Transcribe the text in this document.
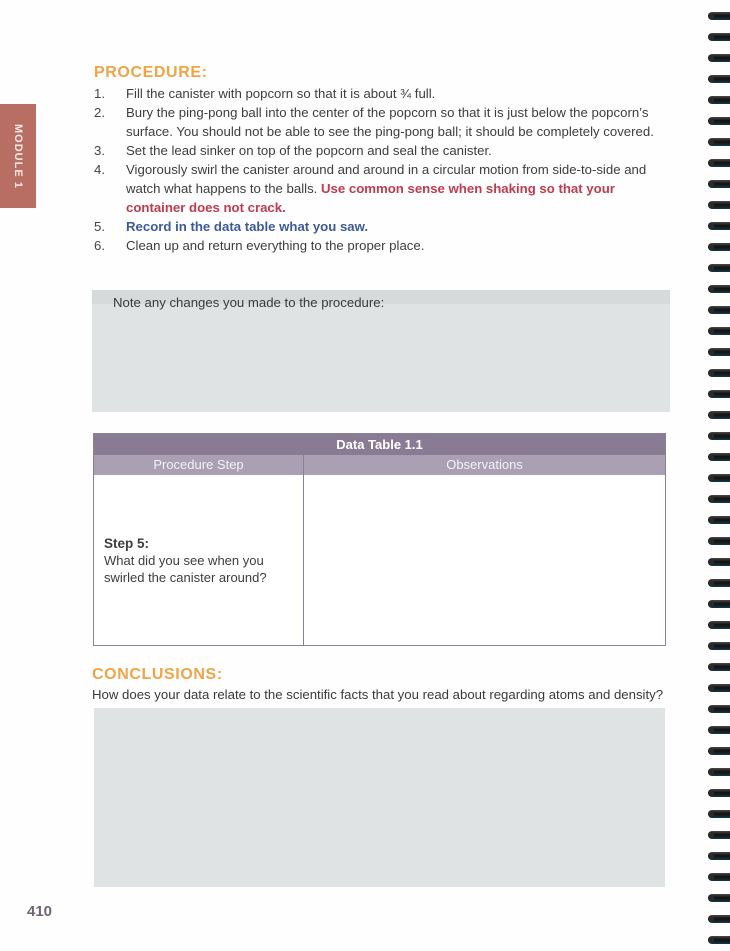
MODULE 1
PROCEDURE:
1.	Fill the canister with popcorn so that it is about ¾ full.
2.	Bury the ping-pong ball into the center of the popcorn so that it is just below the popcorn’s surface. You should not be able to see the ping-pong ball; it should be completely covered.
3.	Set the lead sinker on top of the popcorn and seal the canister.
4.	Vigorously swirl the canister around and around in a circular motion from side-to-side and watch what happens to the balls. Use common sense when shaking so that your container does not crack.
5.	Record in the data table what you saw.
6.	Clean up and return everything to the proper place.
Note any changes you made to the procedure:
Data Table 1.1
Procedure Step	Observations
Step 5:
What did you see when you swirled the canister around?
CONCLUSIONS:
How does your data relate to the scientific facts that you read about regarding atoms and density?
410
